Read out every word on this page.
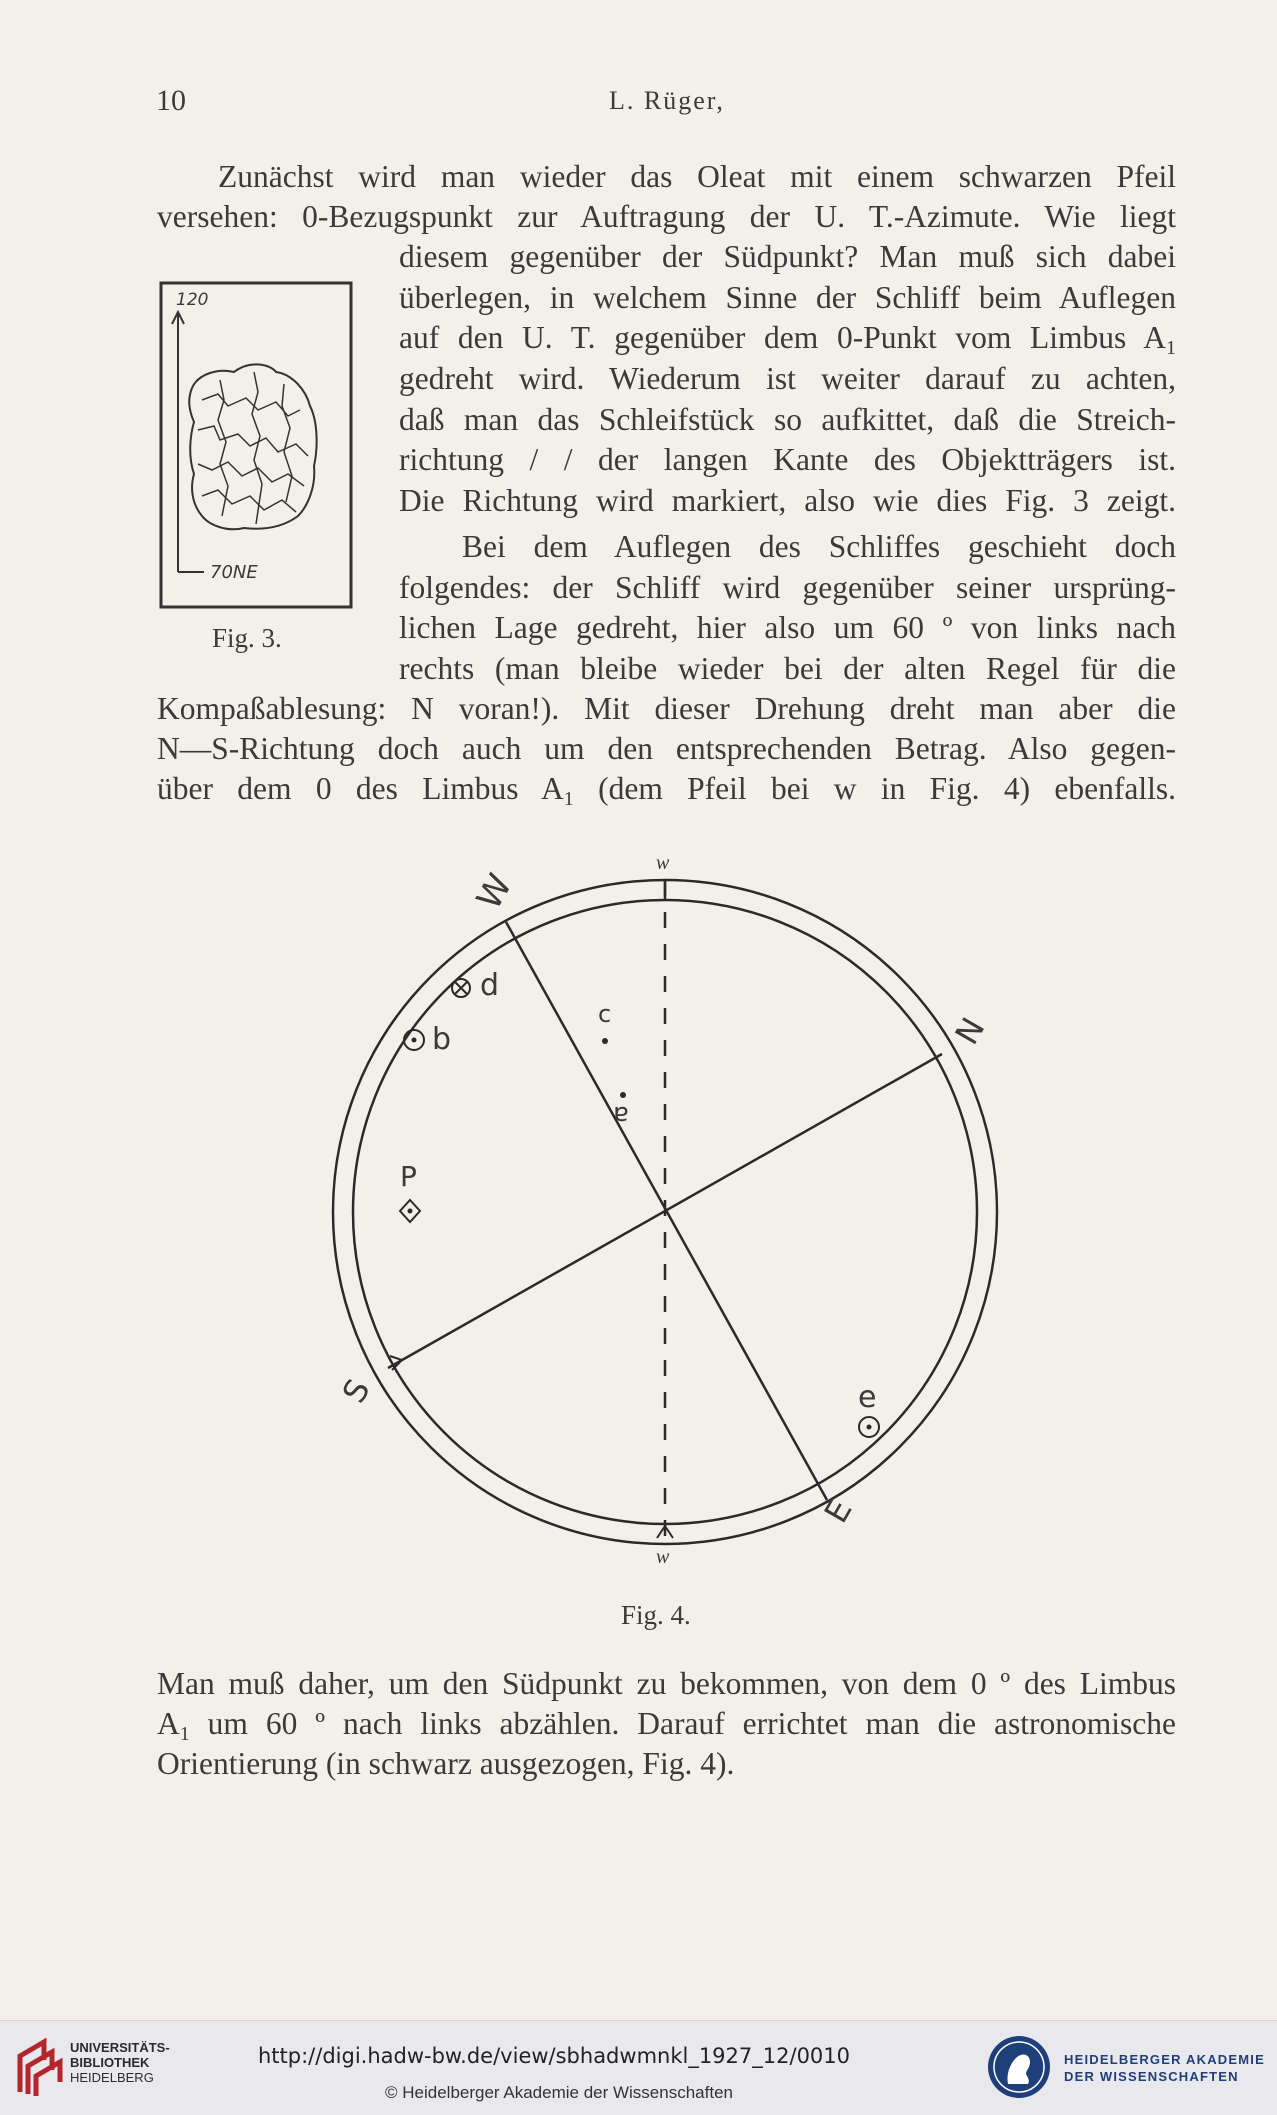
10	L. Rüger,
Zunächst wird man wieder das Oleat mit einem schwarzen Pfeil
versehen: 0-Bezugspunkt zur Auftragung der U. T.-Azimute. Wie liegt
diesem gegenüber der Südpunkt? Man muß sich dabei
überlegen, in welchem Sinne der Schliff beim Auflegen
auf den U. T. gegenüber dem 0-Punkt vom Limbus $A_1$
gedreht wird. Wiederum ist weiter darauf zu achten,
daß man das Schleifstück so aufkittet, daß die Streich-
richtung / / der langen Kante des Objektträgers ist.
Die Richtung wird markiert, also wie dies Fig. 3 zeigt.
Bei dem Auflegen des Schliffes geschieht doch
folgendes: der Schliff wird gegenüber seiner ursprüng-
lichen Lage gedreht, hier also um 60 º von links nach
rechts (man bleibe wieder bei der alten Regel für die
Kompaßablesung: N voran!). Mit dieser Drehung dreht man aber die
N—S-Richtung doch auch um den entsprechenden Betrag. Also gegen-
über dem 0 des Limbus $A_1$ (dem Pfeil bei w in Fig. 4) ebenfalls.
120
70NE
Fig. 3.
w
w
W
N
S
E
d
b
c
a
P
e
Fig. 4.
Man muß daher, um den Südpunkt zu bekommen, von dem 0 º des Limbus
$A_1$ um 60 º nach links abzählen. Darauf errichtet man die astronomische
Orientierung (in schwarz ausgezogen, Fig. 4).
UNIVERSITÄTS-
BIBLIOTHEK
HEIDELBERG
http://digi.hadw-bw.de/view/sbhadwmnkl_1927_12/0010
© Heidelberger Akademie der Wissenschaften
HEIDELBERGER AKADEMIE
DER WISSENSCHAFTEN
